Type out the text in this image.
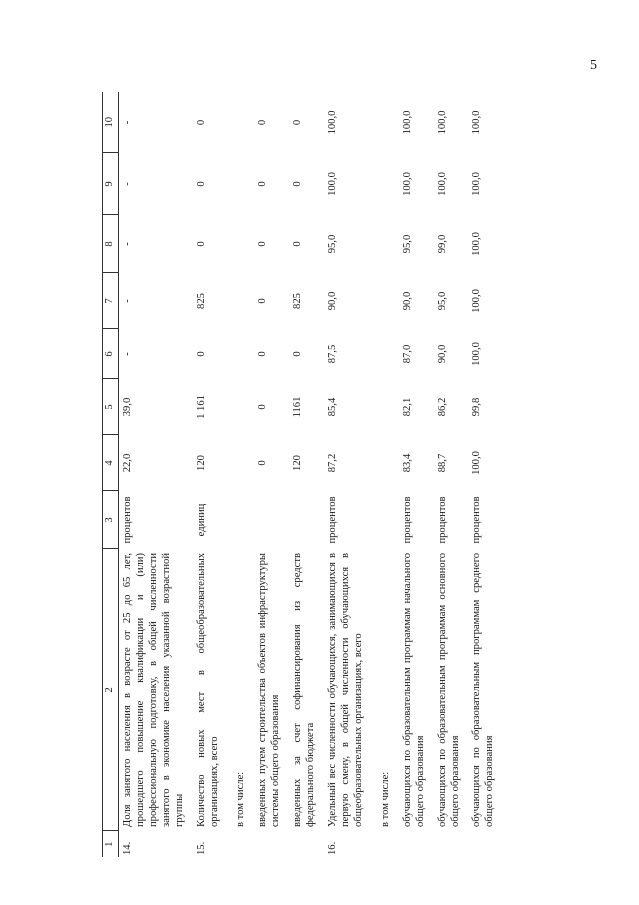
5
1	2	3	4	5	6	7	8	9	10
14.	Доля занятого населения в возрасте от 25 до 65 лет, прошедшего повышение квалификации и (или) профессиональную подготовку, в общей численности занятого в экономике населения указанной возрастной группы	процентов	22,0	39,0	-	-	-	-	-
15.	Количество новых мест в общеобразовательных организациях, всего	единиц	120	1 161	0	825	0	0	0
	в том числе:								
	введенных путем строительства объектов инфраструктуры системы общего образования		0	0	0	0	0	0	0
	введенных за счет софинансирования из средств федерального бюджета		120	1161	0	825	0	0	0
16.	Удельный вес численности обучающихся, занимающихся в первую смену, в общей численности обучающихся в общеобразовательных организациях, всего	процентов	87,2	85,4	87,5	90,0	95,0	100,0	100,0
	в том числе:								
	обучающихся по образовательным программам начального общего образования	процентов	83,4	82,1	87,0	90,0	95,0	100,0	100,0
	обучающихся по образовательным программам основного общего образования	процентов	88,7	86,2	90,0	95,0	99,0	100,0	100,0
	обучающихся по образовательным программам среднего общего образования	процентов	100,0	99,8	100,0	100,0	100,0	100,0	100,0
